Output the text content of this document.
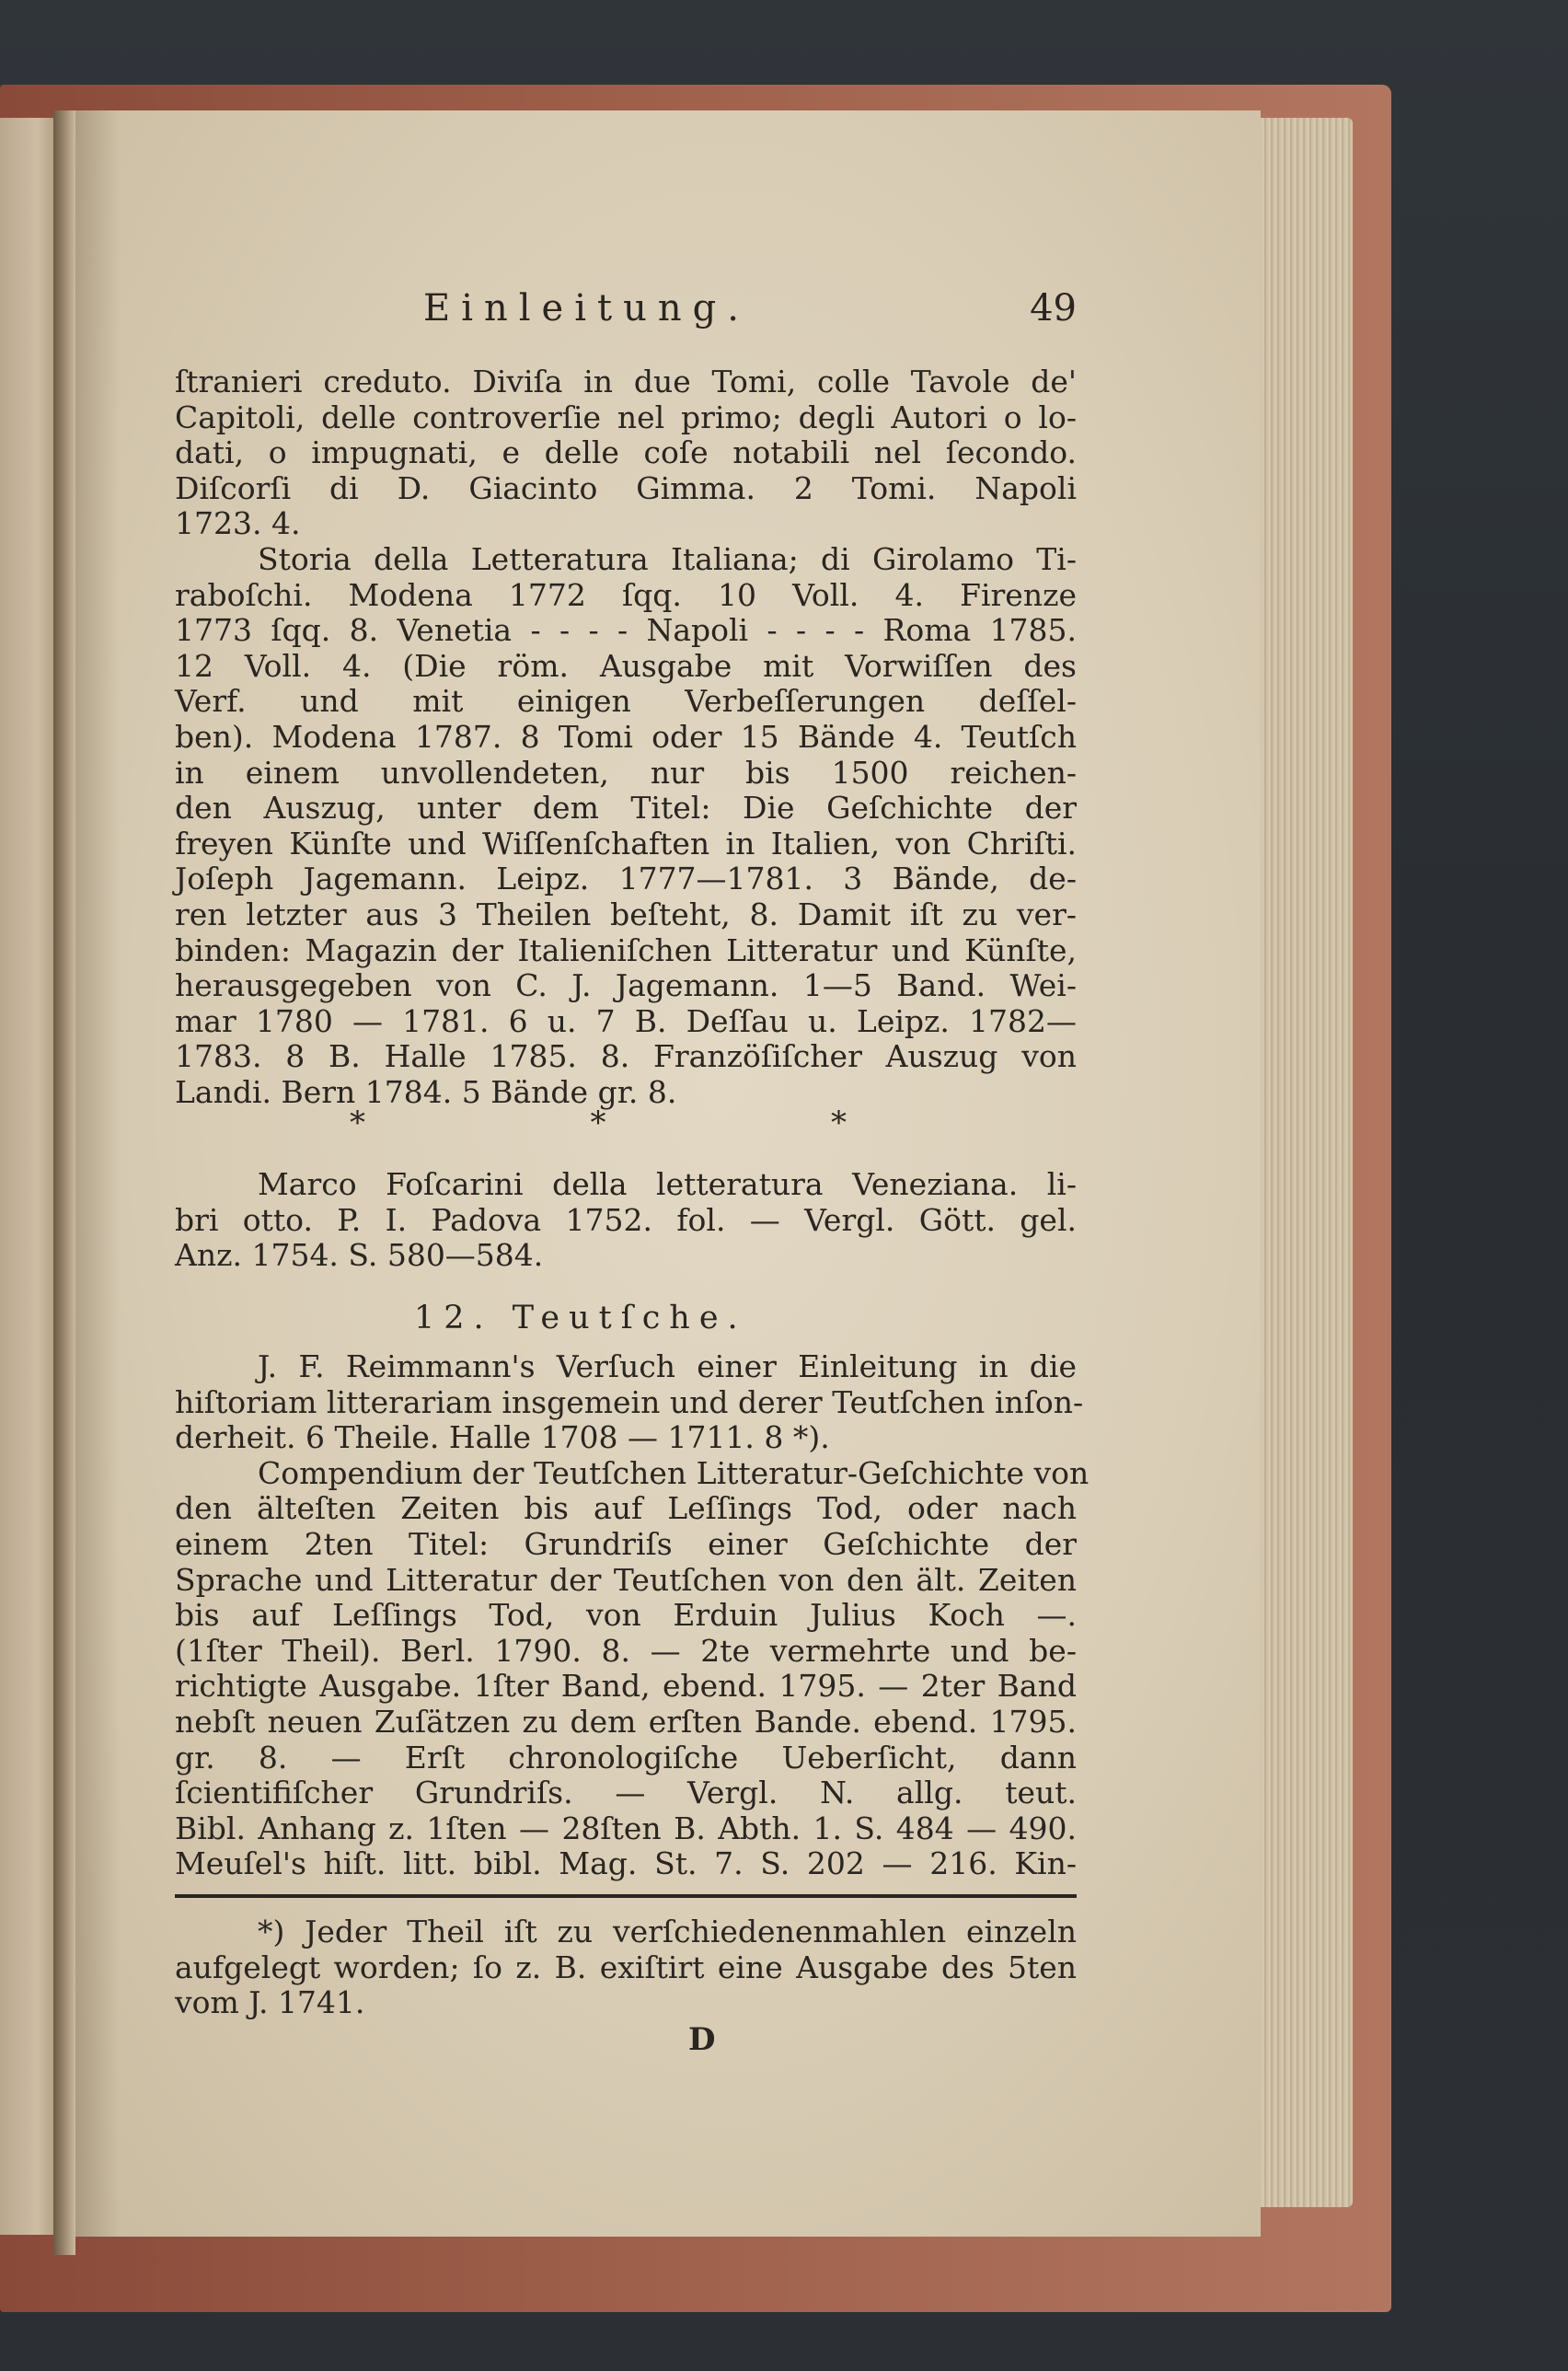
Einleitung.	49
ſtranieri creduto. Diviſa in due Tomi, colle Tavole de'
Capitoli, delle controverſie nel primo; degli Autori o lo-
dati, o impugnati, e delle coſe notabili nel ſecondo.
Diſcorſi di D. Giacinto Gimma. 2 Tomi. Napoli
1723. 4.
Storia della Letteratura Italiana; di Girolamo Ti-
raboſchi. Modena 1772 ſqq. 10 Voll. 4. Firenze
1773 ſqq. 8. Venetia - - - - Napoli - - - - Roma 1785.
12 Voll. 4. (Die röm. Ausgabe mit Vorwiſſen des
Verf. und mit einigen Verbeſſerungen deſſel-
ben). Modena 1787. 8 Tomi oder 15 Bände 4. Teutſch
in einem unvollendeten, nur bis 1500 reichen-
den Auszug, unter dem Titel: Die Geſchichte der
freyen Künſte und Wiſſenſchaften in Italien, von Chriſti.
Joſeph Jagemann. Leipz. 1777—1781. 3 Bände, de-
ren letzter aus 3 Theilen beſteht, 8. Damit iſt zu ver-
binden: Magazin der Italieniſchen Litteratur und Künſte,
herausgegeben von C. J. Jagemann. 1—5 Band. Wei-
mar 1780 — 1781. 6 u. 7 B. Deſſau u. Leipz. 1782—
1783. 8 B. Halle 1785. 8. Franzöſiſcher Auszug von
Landi. Bern 1784. 5 Bände gr. 8.
*	*	*
Marco Foſcarini della letteratura Veneziana. li-
bri otto. P. I. Padova 1752. fol. — Vergl. Gött. gel.
Anz. 1754. S. 580—584.
12. Teutſche.
J. F. Reimmann's Verſuch einer Einleitung in die
hiſtoriam litterariam insgemein und derer Teutſchen inſon-
derheit. 6 Theile. Halle 1708 — 1711. 8 *).
Compendium der Teutſchen Litteratur-Geſchichte von
den älteſten Zeiten bis auf Leſſings Tod, oder nach
einem 2ten Titel: Grundriſs einer Geſchichte der
Sprache und Litteratur der Teutſchen von den ält. Zeiten
bis auf Leſſings Tod, von Erduin Julius Koch —.
(1ſter Theil). Berl. 1790. 8. — 2te vermehrte und be-
richtigte Ausgabe. 1ſter Band, ebend. 1795. — 2ter Band
nebſt neuen Zuſätzen zu dem erſten Bande. ebend. 1795.
gr. 8. — Erſt chronologiſche Ueberſicht, dann
ſcientifiſcher Grundriſs. — Vergl. N. allg. teut.
Bibl. Anhang z. 1ſten — 28ſten B. Abth. 1. S. 484 — 490.
Meuſel's hiſt. litt. bibl. Mag. St. 7. S. 202 — 216. Kin-
*) Jeder Theil iſt zu verſchiedenenmahlen einzeln
aufgelegt worden; ſo z. B. exiſtirt eine Ausgabe des 5ten
vom J. 1741.
D
